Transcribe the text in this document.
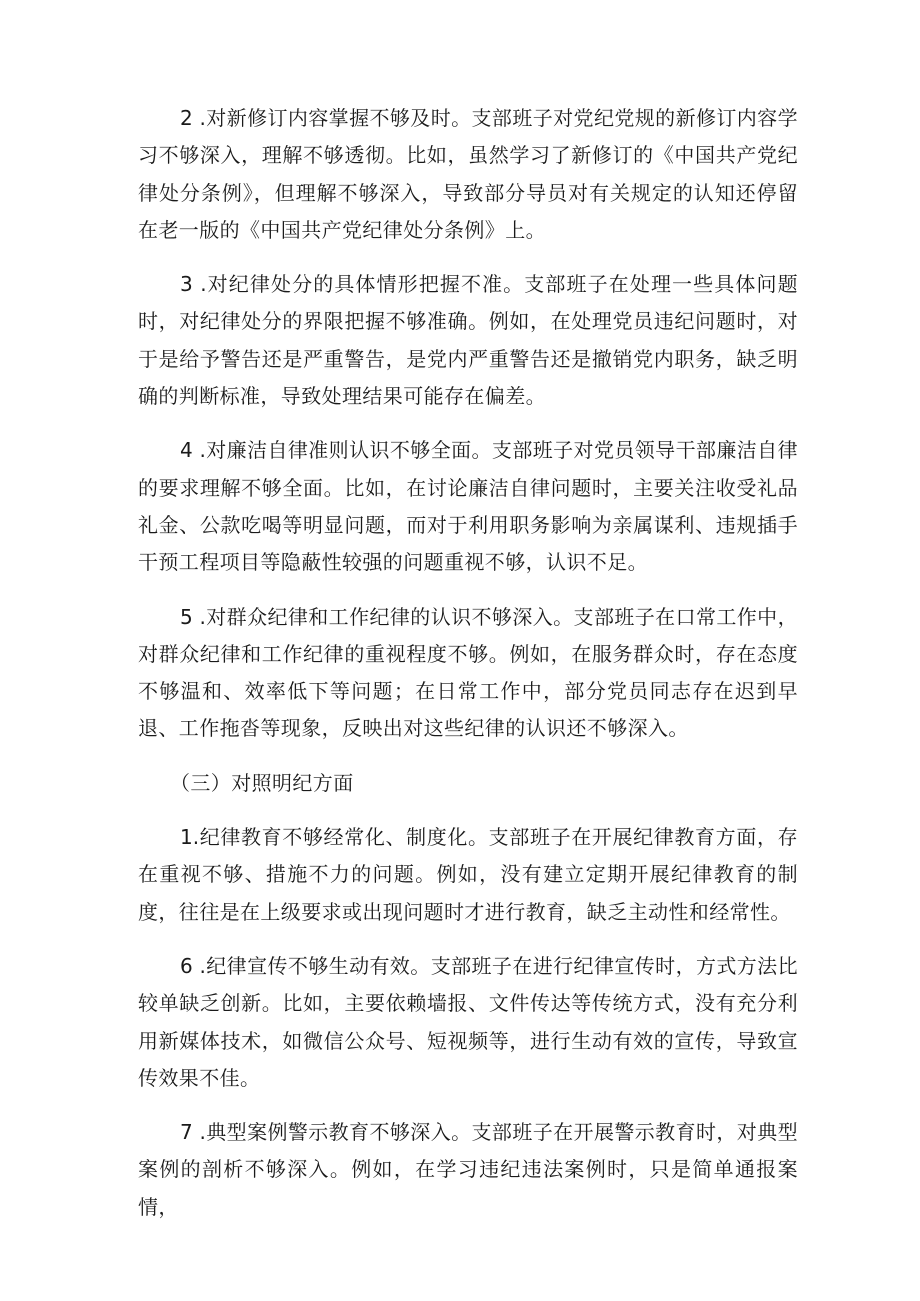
2 .对新修订内容掌握不够及时。支部班子对党纪党规的新修订内容学习不够深入，理解不够透彻。比如，虽然学习了新修订的《中国共产党纪律处分条例》，但理解不够深入，导致部分导员对有关规定的认知还停留在老一版的《中国共产党纪律处分条例》上。

3 .对纪律处分的具体情形把握不准。支部班子在处理一些具体问题时，对纪律处分的界限把握不够准确。例如，在处理党员违纪问题时，对于是给予警告还是严重警告，是党内严重警告还是撤销党内职务，缺乏明确的判断标准，导致处理结果可能存在偏差。

4 .对廉洁自律准则认识不够全面。支部班子对党员领导干部廉洁自律的要求理解不够全面。比如，在讨论廉洁自律问题时，主要关注收受礼品礼金、公款吃喝等明显问题，而对于利用职务影响为亲属谋利、违规插手干预工程项目等隐蔽性较强的问题重视不够，认识不足。

5 .对群众纪律和工作纪律的认识不够深入。支部班子在口常工作中，对群众纪律和工作纪律的重视程度不够。例如，在服务群众时，存在态度不够温和、效率低下等问题；在日常工作中，部分党员同志存在迟到早退、工作拖沓等现象，反映出对这些纪律的认识还不够深入。

（三）对照明纪方面

1.纪律教育不够经常化、制度化。支部班子在开展纪律教育方面，存在重视不够、措施不力的问题。例如，没有建立定期开展纪律教育的制度，往往是在上级要求或出现问题时才进行教育，缺乏主动性和经常性。

6 .纪律宣传不够生动有效。支部班子在进行纪律宣传时，方式方法比较单缺乏创新。比如，主要依赖墙报、文件传达等传统方式，没有充分利用新媒体技术，如微信公众号、短视频等，进行生动有效的宣传，导致宣传效果不佳。

7 .典型案例警示教育不够深入。支部班子在开展警示教育时，对典型案例的剖析不够深入。例如，在学习违纪违法案例时，只是简单通报案情，
